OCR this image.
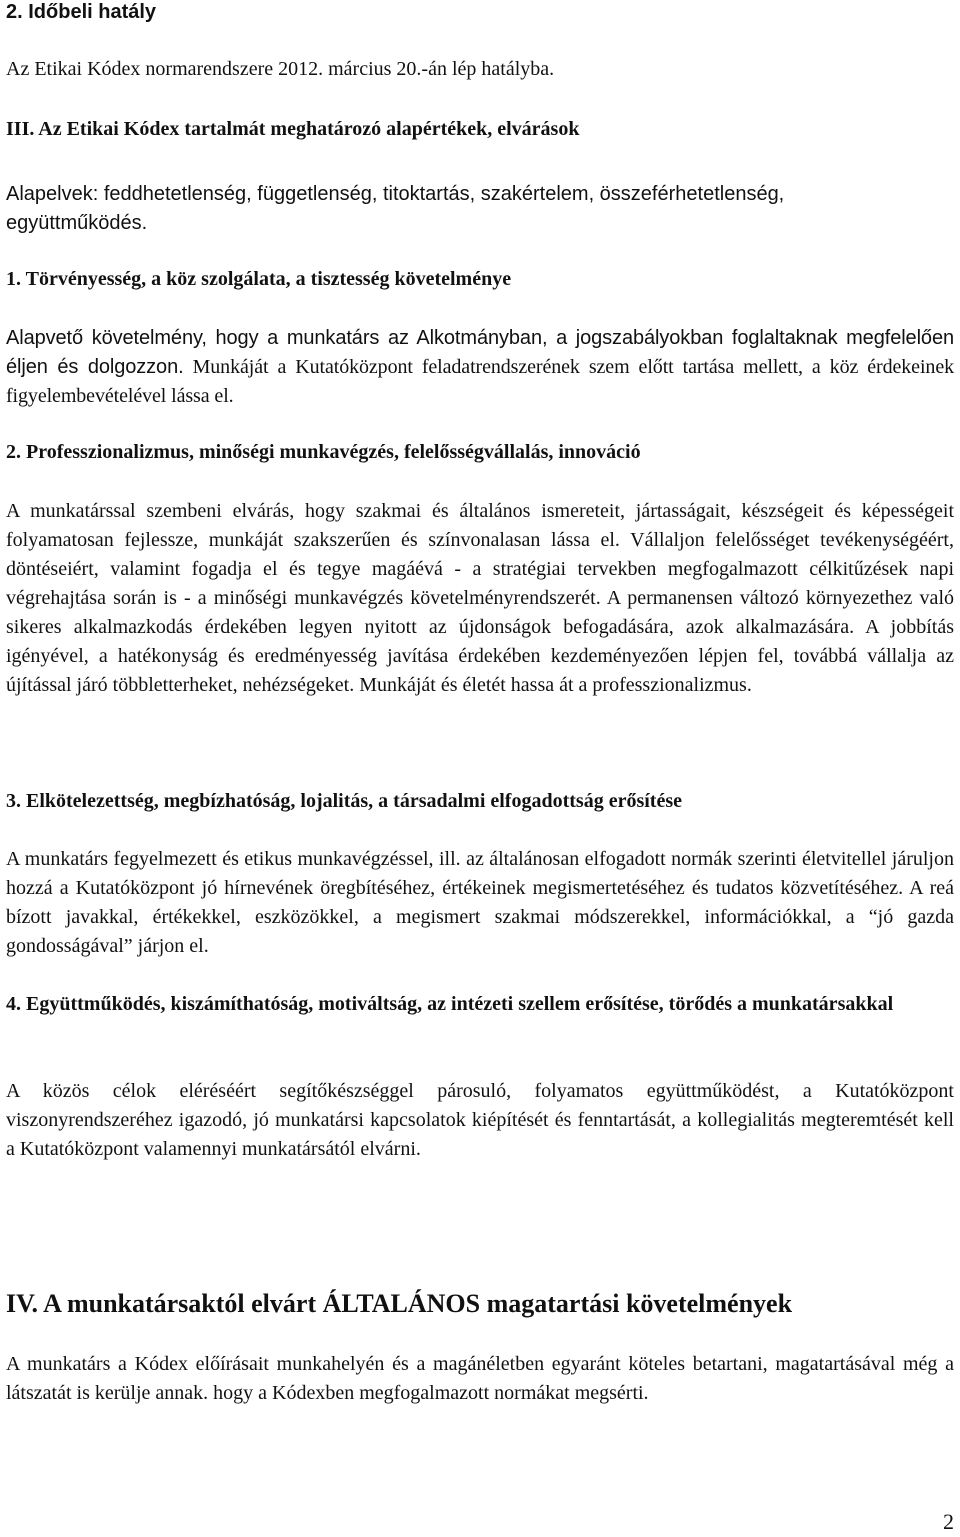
2. Időbeli hatály
Az Etikai Kódex normarendszere 2012. március 20.-án lép hatályba.
III. Az Etikai Kódex tartalmát meghatározó alapértékek, elvárások
Alapelvek: feddhetetlenség, függetlenség, titoktartás, szakértelem, összeférhetetlenség,
együttműködés.
1. Törvényesség, a köz szolgálata, a tisztesség követelménye

Alapvető követelmény, hogy a munkatárs az Alkotmányban, a jogszabályokban foglaltaknak megfelelően éljen és dolgozzon. Munkáját a Kutatóközpont feladatrendszerének szem előtt tartása mellett, a köz érdekeinek figyelembevételével lássa el.

2. Professzionalizmus, minőségi munkavégzés, felelősségvállalás, innováció
A munkatárssal szembeni elvárás, hogy szakmai és általános ismereteit, jártasságait, készségeit és képességeit folyamatosan fejlessze, munkáját szakszerűen és színvonalasan lássa el. Vállaljon felelősséget tevékenységéért, döntéseiért, valamint fogadja el és tegye magáévá - a stratégiai tervekben megfogalmazott célkitűzések napi végrehajtása során is - a minőségi munkavégzés követelményrendszerét. A permanensen változó környezethez való sikeres alkalmazkodás érdekében legyen nyitott az újdonságok befogadására, azok alkalmazására. A jobbítás igényével, a hatékonyság és eredményesség javítása érdekében kezdeményezően lépjen fel, továbbá vállalja az újítással járó többletterheket, nehézségeket. Munkáját és életét hassa át a professzionalizmus.
3. Elkötelezettség, megbízhatóság, lojalitás, a társadalmi elfogadottság erősítése
A munkatárs fegyelmezett és etikus munkavégzéssel, ill. az általánosan elfogadott normák szerinti életvitellel járuljon hozzá a Kutatóközpont jó hírnevének öregbítéséhez, értékeinek megismertetéséhez és tudatos közvetítéséhez. A reá bízott javakkal, értékekkel, eszközökkel, a megismert szakmai módszerekkel, információkkal, a “jó gazda gondosságával” járjon el.
4. Együttműködés, kiszámíthatóság, motiváltság, az intézeti szellem erősítése, törődés a munkatársakkal
A közös célok eléréséért segítőkészséggel párosuló, folyamatos együttműködést, a Kutatóközpont viszonyrendszeréhez igazodó, jó munkatársi kapcsolatok kiépítését és fenntartását, a kollegialitás megteremtését kell a Kutatóközpont valamennyi munkatársától elvárni.
IV. A munkatársaktól elvárt ÁLTALÁNOS magatartási követelmények
A munkatárs a Kódex előírásait munkahelyén és a magánéletben egyaránt köteles betartani, magatartásával még a látszatát is kerülje annak. hogy a Kódexben megfogalmazott normákat megsérti.
2
